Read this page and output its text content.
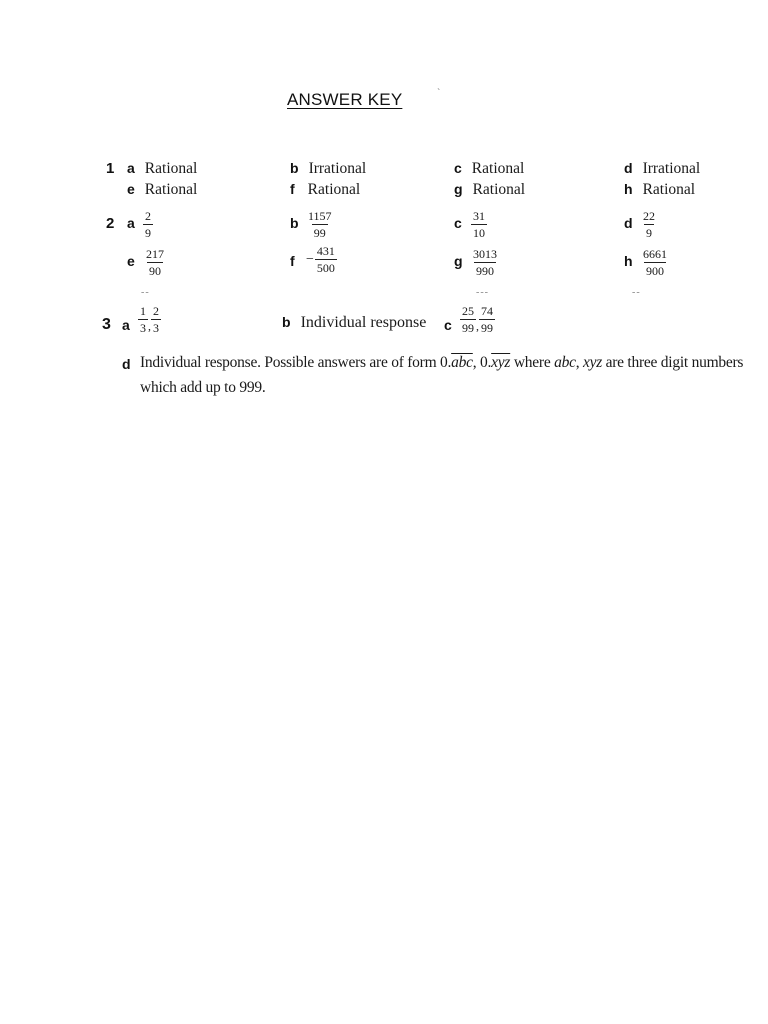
ANSWER KEY	`
1 a Rational	b Irrational	c Rational	d Irrational
e Rational	f Rational	g Rational	h Rational
2 a $\frac{2}{9}$	b $\frac{1157}{99}$	c $\frac{31}{10}$	d $\frac{22}{9}$
e $\frac{217}{90}$	$f - \frac{431}{500}$	g $\frac{3013}{990}$	h $\frac{6661}{900}$
--	---	--
3 a $\frac{1}{3}$ , $\frac{2}{3}$	b Individual response c $\frac{25}{99}$ , $\frac{74}{99}$
d Individual response. Possible answers are of form $0.\overline{abc}$, $0.\overline{xyz}$ where abc, xyz are three digit numbers
which add up to 999.
